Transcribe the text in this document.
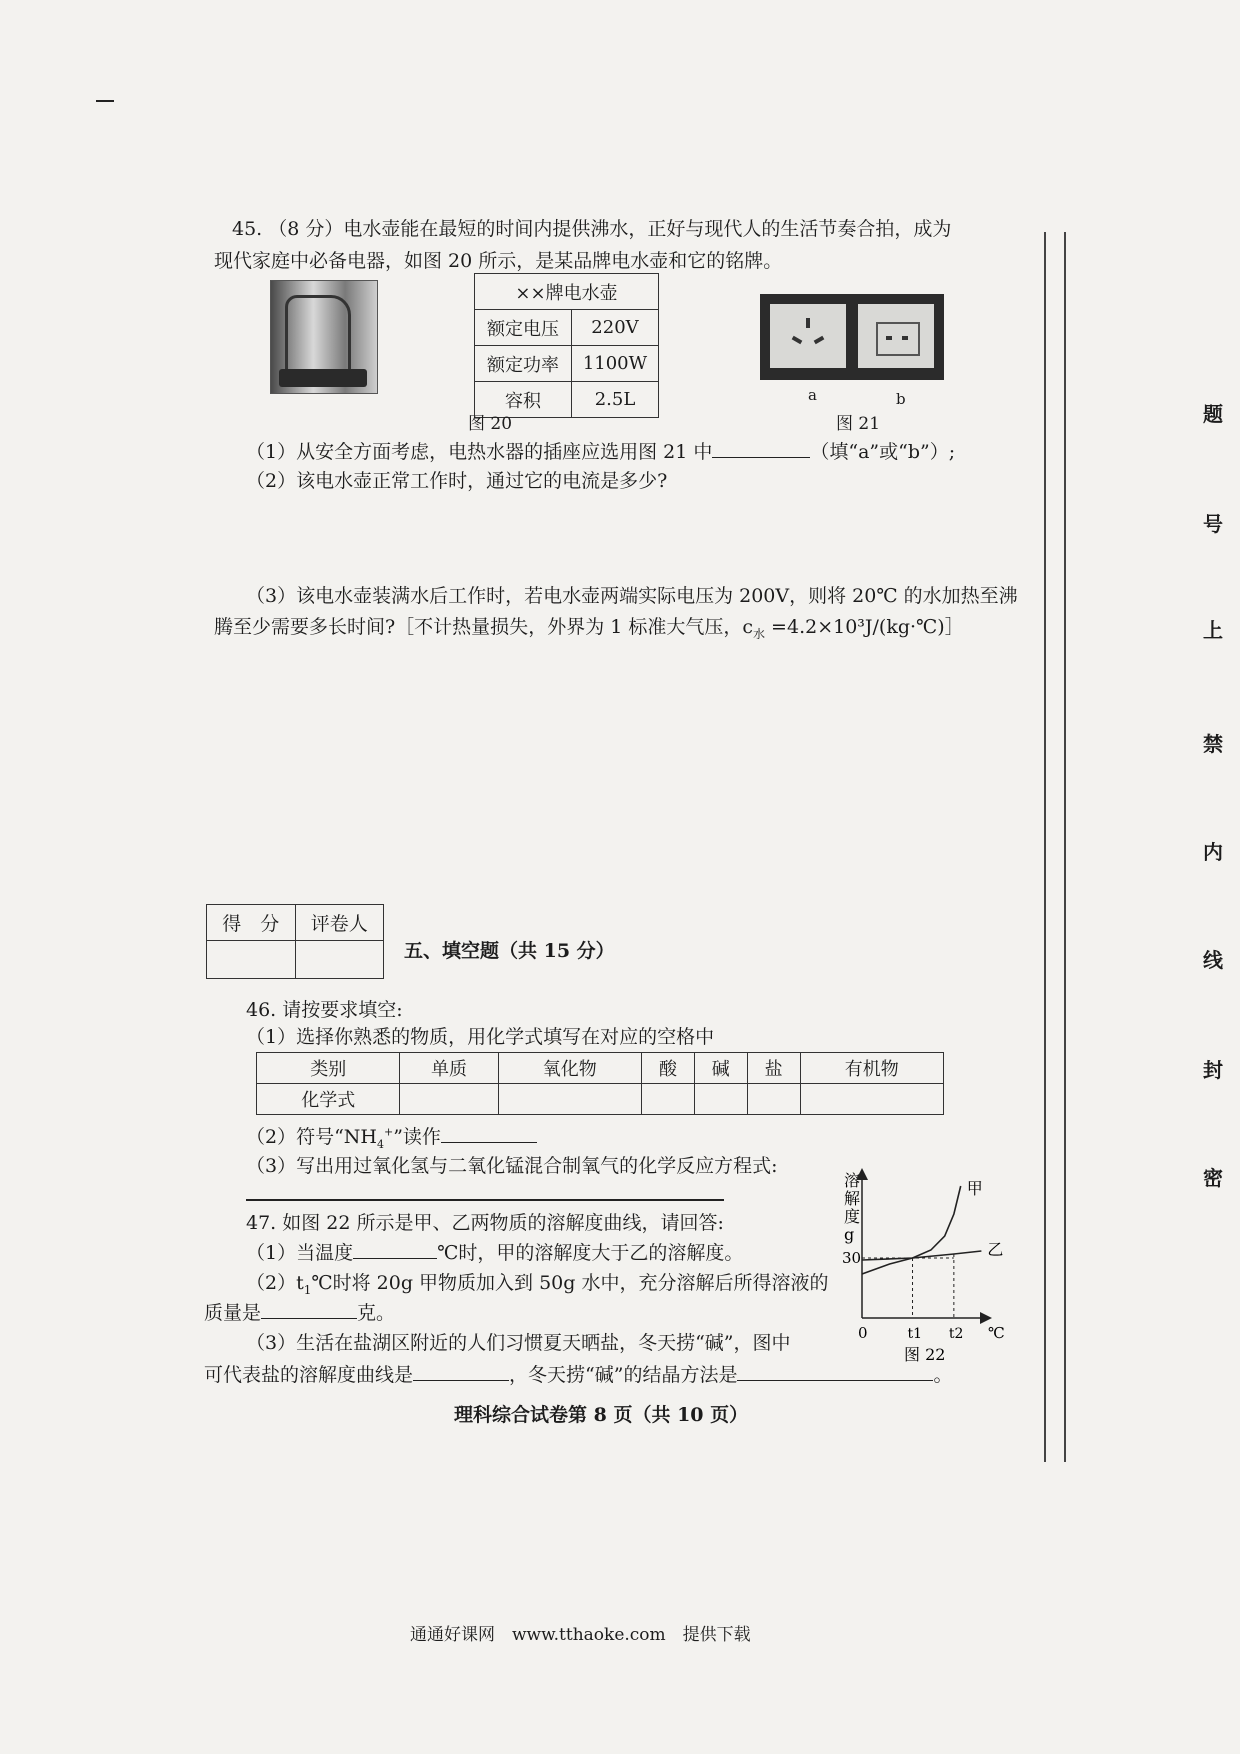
45. （8 分）电水壶能在最短的时间内提供沸水，正好与现代人的生活节奏合拍，成为
现代家庭中必备电器，如图 20 所示，是某品牌电水壶和它的铭牌。
××牌电水壶	
额定电压	220V
额定功率	1100W
容积	2.5L	a	b
图 20	图 21
（1）从安全方面考虑，电热水器的插座应选用图 21 中	（填“a”或“b”）;
（2）该电水壶正常工作时，通过它的电流是多少?
（3）该电水壶装满水后工作时，若电水壶两端实际电压为 200V，则将 20℃ 的水加热至沸
腾至少需要多长时间?［不计热量损失，外界为 1 标准大气压，$c_水$ =4.2×10³J/(kg·℃)］
得　分	评卷人

五、填空题（共 15 分）
46. 请按要求填空:
（1）选择你熟悉的物质，用化学式填写在对应的空格中
类别	单质	氧化物	酸	碱	盐	有机物
化学式						
（2）符号“$NH_4^+$”读作
（3）写出用过氧化氢与二氧化锰混合制氧气的化学反应方程式:
47. 如图 22 所示是甲、乙两物质的溶解度曲线，请回答:
（1）当温度	℃时，甲的溶解度大于乙的溶解度。
$(2)t_1℃$时将 20g 甲物质加入到 50g 水中，充分溶解后所得溶液的
质量是	克。
（3）生活在盐湖区附近的人们习惯夏天晒盐，冬天捞“碱”，图中
可代表盐的溶解度曲线是	，冬天捞“碱”的结晶方法是	。
溶
解
度
g
甲
乙
30
0	t1 t2 ℃
图 22
题
号
上
禁
内
线
封
密
理科综合试卷第 8 页（共 10 页）
通通好课网　www.tthaoke.com　提供下载
